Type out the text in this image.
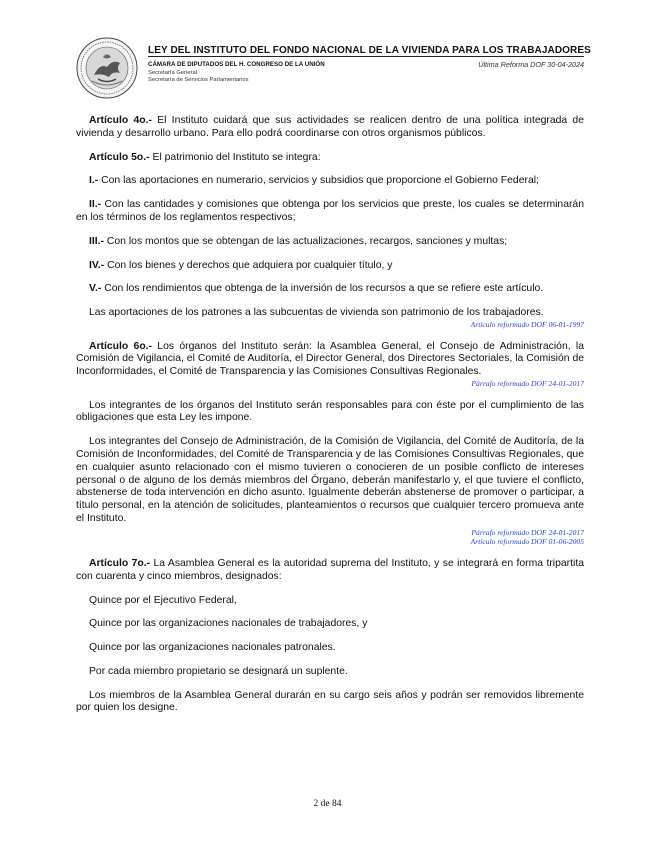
LEY DEL INSTITUTO DEL FONDO NACIONAL DE LA VIVIENDA PARA LOS TRABAJADORES
CÁMARA DE DIPUTADOS DEL H. CONGRESO DE LA UNIÓN	Última Reforma DOF 30-04-2024
Secretaría General
Secretaría de Servicios Parlamentarios

Artículo 4o.- El Instituto cuidará que sus actividades se realicen dentro de una política integrada de vivienda y desarrollo urbano. Para ello podrá coordinarse con otros organismos públicos.

Artículo 5o.- El patrimonio del Instituto se integra:

I.- Con las aportaciones en numerario, servicios y subsidios que proporcione el Gobierno Federal;

II.- Con las cantidades y comisiones que obtenga por los servicios que preste, los cuales se determinarán en los términos de los reglamentos respectivos;

III.- Con los montos que se obtengan de las actualizaciones, recargos, sanciones y multas;

IV.- Con los bienes y derechos que adquiera por cualquier título, y

V.- Con los rendimientos que obtenga de la inversión de los recursos a que se refiere este artículo.

Las aportaciones de los patrones a las subcuentas de vivienda son patrimonio de los trabajadores.

Artículo reformado DOF 06-01-1997

Artículo 6o.- Los órganos del Instituto serán: la Asamblea General, el Consejo de Administración, la Comisión de Vigilancia, el Comité de Auditoría, el Director General, dos Directores Sectoriales, la Comisión de Inconformidades, el Comité de Transparencia y las Comisiones Consultivas Regionales.

Párrafo reformado DOF 24-01-2017

Los integrantes de los órganos del Instituto serán responsables para con éste por el cumplimiento de las obligaciones que esta Ley les impone.

Los integrantes del Consejo de Administración, de la Comisión de Vigilancia, del Comité de Auditoría, de la Comisión de Inconformidades, del Comité de Transparencia y de las Comisiones Consultivas Regionales, que en cualquier asunto relacionado con el mismo tuvieren o conocieren de un posible conflicto de intereses personal o de alguno de los demás miembros del Órgano, deberán manifestarlo y, el que tuviere el conflicto, abstenerse de toda intervención en dicho asunto. Igualmente deberán abstenerse de promover o participar, a título personal, en la atención de solicitudes, planteamientos o recursos que cualquier tercero promueva ante el Instituto.

Párrafo reformado DOF 24-01-2017

Artículo reformado DOF 01-06-2005

Artículo 7o.- La Asamblea General es la autoridad suprema del Instituto, y se integrará en forma tripartita con cuarenta y cinco miembros, designados:

Quince por el Ejecutivo Federal,

Quince por las organizaciones nacionales de trabajadores, y

Quince por las organizaciones nacionales patronales.

Por cada miembro propietario se designará un suplente.

Los miembros de la Asamblea General durarán en su cargo seis años y podrán ser removidos libremente por quien los designe.

2 de 84
